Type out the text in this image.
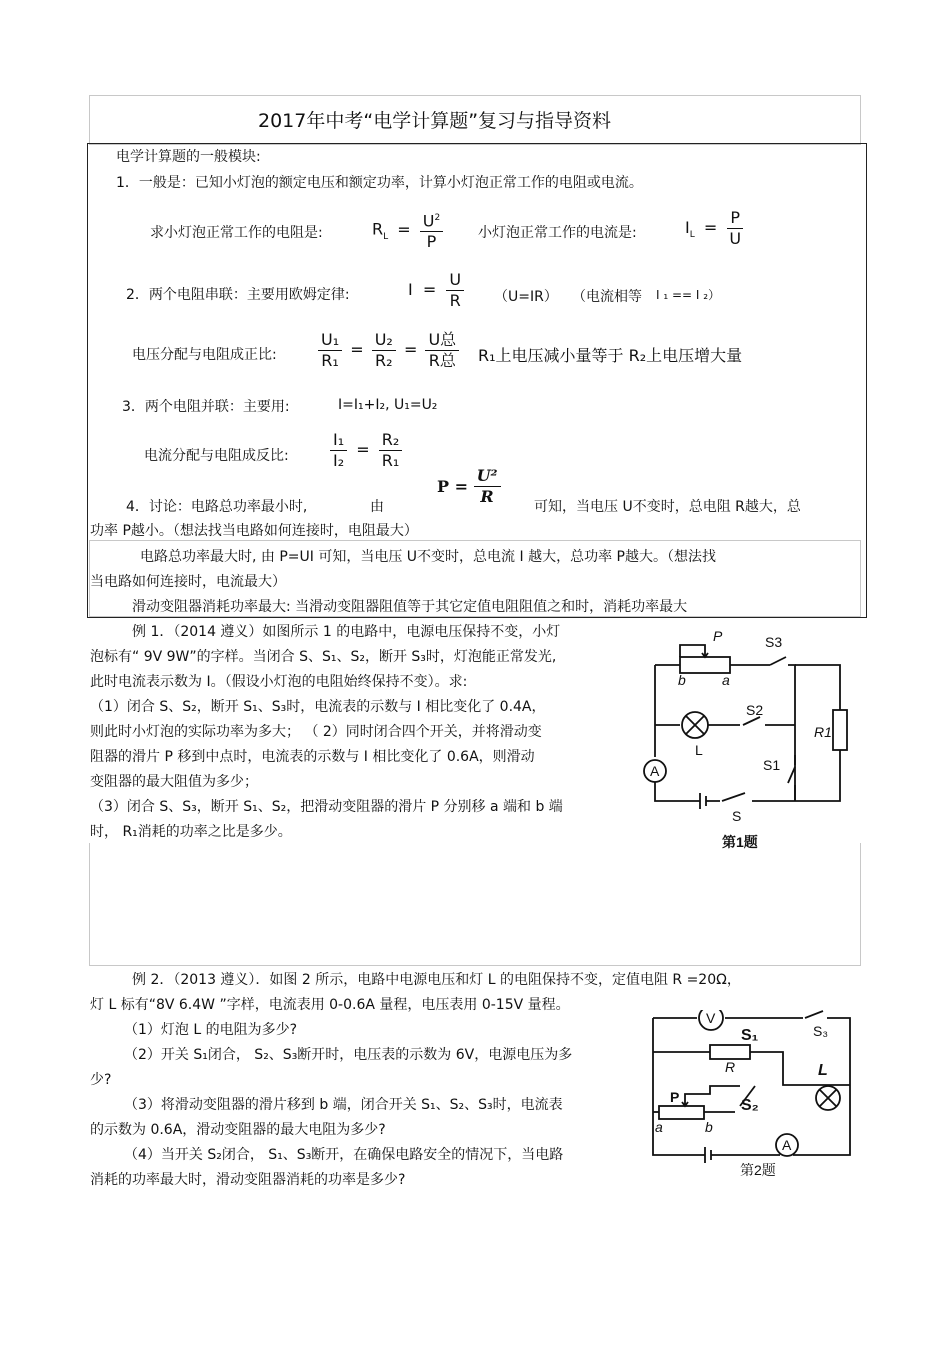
2017年中考“电学计算题”复习与指导资料
电学计算题的一般模块:
1．一般是：已知小灯泡的额定电压和额定功率，计算小灯泡正常工作的电阻或电流。
求小灯泡正常工作的电阻是:	$R_L = \frac{U^2}{P}$ 小灯泡正常工作的电流是:	$I_L = \frac{P}{U}$
2．两个电阻串联：主要用欧姆定律:	$I = \frac{U}{R} (U=IR)$ （电流相等 I ₁ == I ₂）
电压分配与电阻成正比:	$\frac{\text{U₁}}{\text{R₁}} = \frac{\text{U₂}}{\text{R₂}} = \frac{\text{U总}}{\text{R总}} R_1$上电压减小量等于 R₂上电压增大量
3．两个电阻并联：主要用:	I=I₁+I₂, U₁=U₂
电流分配与电阻成反比:	$\frac{\text{I₁}}{\text{I₂}} = \frac{\text{R₂}}{\text{R₁}}$
4．讨论：电路总功率最小时,	由
$P = \frac{\text{U²}}{R}$ 可知，当电压 U不变时，总电阻 R越大，总
功率 P越小。（想法找当电路如何连接时，电阻最大）
电路总功率最大时, 由 P=UI 可知，当电压 U不变时，总电流 I 越大，总功率 P越大。（想法找
当电路如何连接时，电流最大）
滑动变阻器消耗功率最大: 当滑动变阻器阻值等于其它定值电阻阻值之和时，消耗功率最大
例 1．（2014 遵义）如图所示 1 的电路中，电源电压保持不变，小灯
泡标有“ 9V 9W”的字样。当闭合 S、S₁、S₂，断开 S₃时，灯泡能正常发光,
此时电流表示数为 I。（假设小灯泡的电阻始终保持不变）。求:
（1）闭合 S、S₂，断开 S₁、S₃时，电流表的示数与 I 相比变化了 0.4A，
则此时小灯泡的实际功率为多大； （ 2）同时闭合四个开关，并将滑动变
阻器的滑片 P 移到中点时，电流表的示数与 I 相比变化了 0.6A，则滑动
变阻器的最大阻值为多少；
（3）闭合 S、S₃，断开 S₁、S₂，把滑动变阻器的滑片 P 分别移 a 端和 b 端
时， R₁消耗的功率之比是多少。
P	S3
b	a
S2
L
R1
S1
A
S
第1题
例 2．（2013 遵义）．如图 2 所示，电路中电源电压和灯 L 的电阻保持不变，定值电阻 R =20Ω，
灯 L 标有“8V 6.4W ”字样，电流表用 0-0.6A 量程，电压表用 0-15V 量程。
（1）灯泡 L 的电阻为多少?
（2）开关 S₁闭合， S₂、S₃断开时，电压表的示数为 6V，电源电压为多
少?
（3）将滑动变阻器的滑片移到 b 端，闭合开关 S₁、S₂、S₃时，电流表
的示数为 0.6A，滑动变阻器的最大电阻为多少?
（4）当开关 S₂闭合， S₁、S₃断开，在确保电路安全的情况下，当电路
消耗的功率最大时，滑动变阻器消耗的功率是多少?
V
S₁	S₃
R	L
P	S₂
a	b
A
第2题
